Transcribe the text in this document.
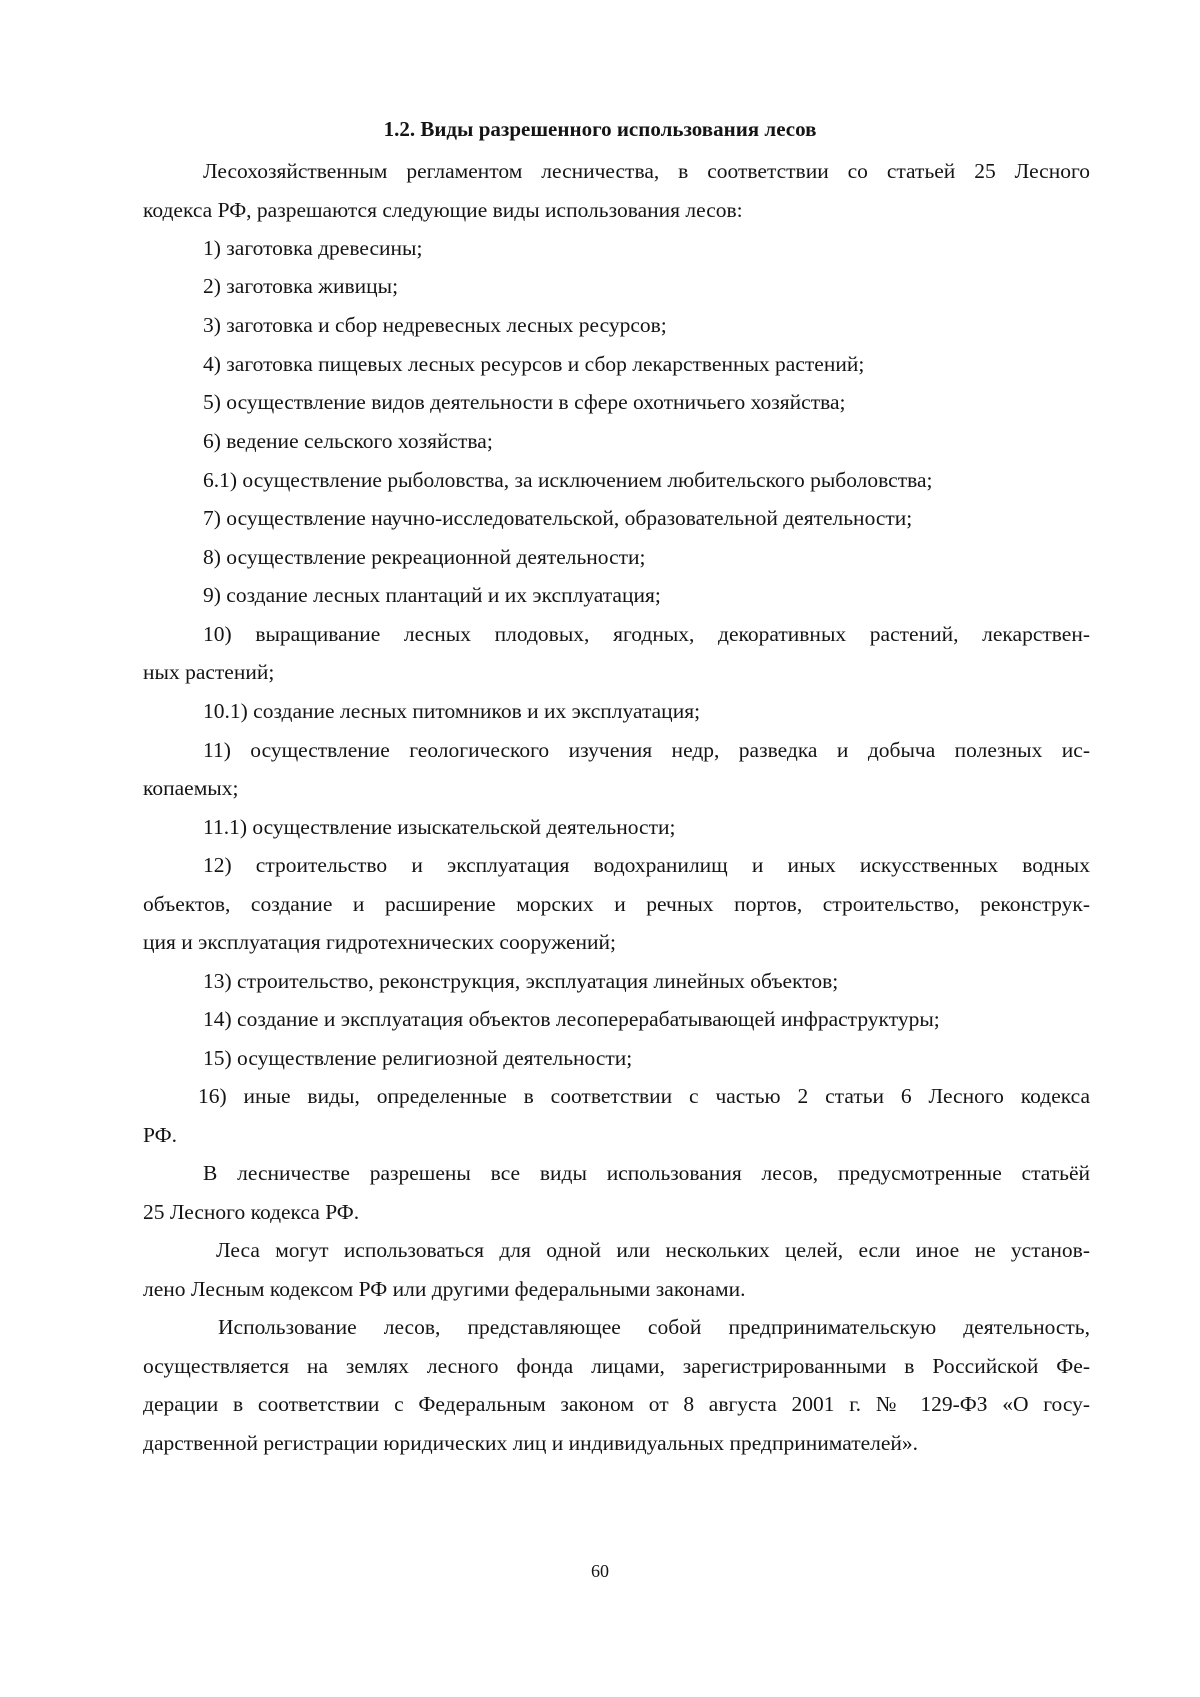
1.2. Виды разрешенного использования лесов
Лесохозяйственным регламентом лесничества, в соответствии со статьей 25 Лесного
кодекса РФ, разрешаются следующие виды использования лесов:
1) заготовка древесины;
2) заготовка живицы;
3) заготовка и сбор недревесных лесных ресурсов;
4) заготовка пищевых лесных ресурсов и сбор лекарственных растений;
5) осуществление видов деятельности в сфере охотничьего хозяйства;
6) ведение сельского хозяйства;
6.1) осуществление рыболовства, за исключением любительского рыболовства;
7) осуществление научно-исследовательской, образовательной деятельности;
8) осуществление рекреационной деятельности;
9) создание лесных плантаций и их эксплуатация;
10) выращивание лесных плодовых, ягодных, декоративных растений, лекарствен-
ных растений;
10.1) создание лесных питомников и их эксплуатация;
11) осуществление геологического изучения недр, разведка и добыча полезных ис-
копаемых;
11.1) осуществление изыскательской деятельности;
12) строительство и эксплуатация водохранилищ и иных искусственных водных
объектов, создание и расширение морских и речных портов, строительство, реконструк-
ция и эксплуатация гидротехнических сооружений;
13) строительство, реконструкция, эксплуатация линейных объектов;
14) создание и эксплуатация объектов лесоперерабатывающей инфраструктуры;
15) осуществление религиозной деятельности;
16) иные виды, определенные в соответствии с частью 2 статьи 6 Лесного кодекса
РФ.
В лесничестве разрешены все виды использования лесов, предусмотренные статьёй
25 Лесного кодекса РФ.
Леса могут использоваться для одной или нескольких целей, если иное не установ-
лено Лесным кодексом РФ или другими федеральными законами.
Использование лесов, представляющее собой предпринимательскую деятельность,
осуществляется на землях лесного фонда лицами, зарегистрированными в Российской Фе-
дерации в соответствии с Федеральным законом от 8 августа 2001 г. № 129-ФЗ «О госу-
дарственной регистрации юридических лиц и индивидуальных предпринимателей».
60
